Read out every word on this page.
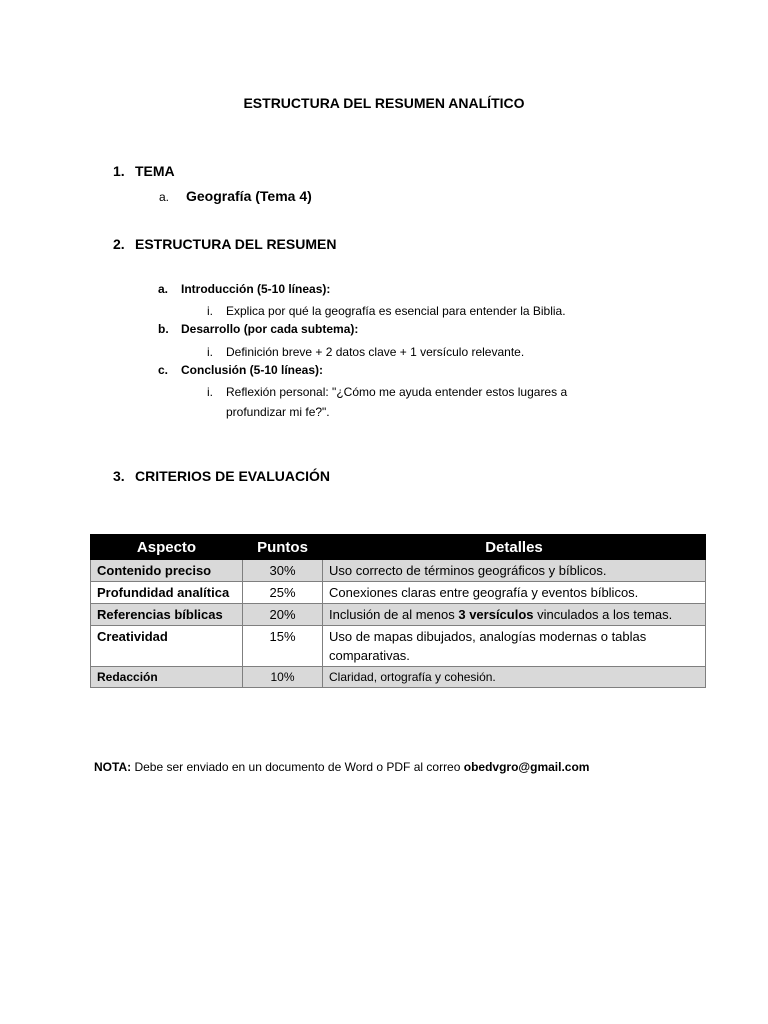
ESTRUCTURA DEL RESUMEN ANALÍTICO
1. TEMA
a. Geografía (Tema 4)
2. ESTRUCTURA DEL RESUMEN
a. Introducción (5-10 líneas):
i. Explica por qué la geografía es esencial para entender la Biblia.
b. Desarrollo (por cada subtema):
i. Definición breve + 2 datos clave + 1 versículo relevante.
c. Conclusión (5-10 líneas):
i. Reflexión personal: "¿Cómo me ayuda entender estos lugares a profundizar mi fe?".
3. CRITERIOS DE EVALUACIÓN
Aspecto	Puntos	Detalles
Contenido preciso	30%	Uso correcto de términos geográficos y bíblicos.
Profundidad analítica	25%	Conexiones claras entre geografía y eventos bíblicos.
Referencias bíblicas	20%	Inclusión de al menos 3 versículos vinculados a los temas.
Creatividad	15%	Uso de mapas dibujados, analogías modernas o tablas comparativas.
Redacción	10%	Claridad, ortografía y cohesión.
NOTA: Debe ser enviado en un documento de Word o PDF al correo obedvgro@gmail.com
